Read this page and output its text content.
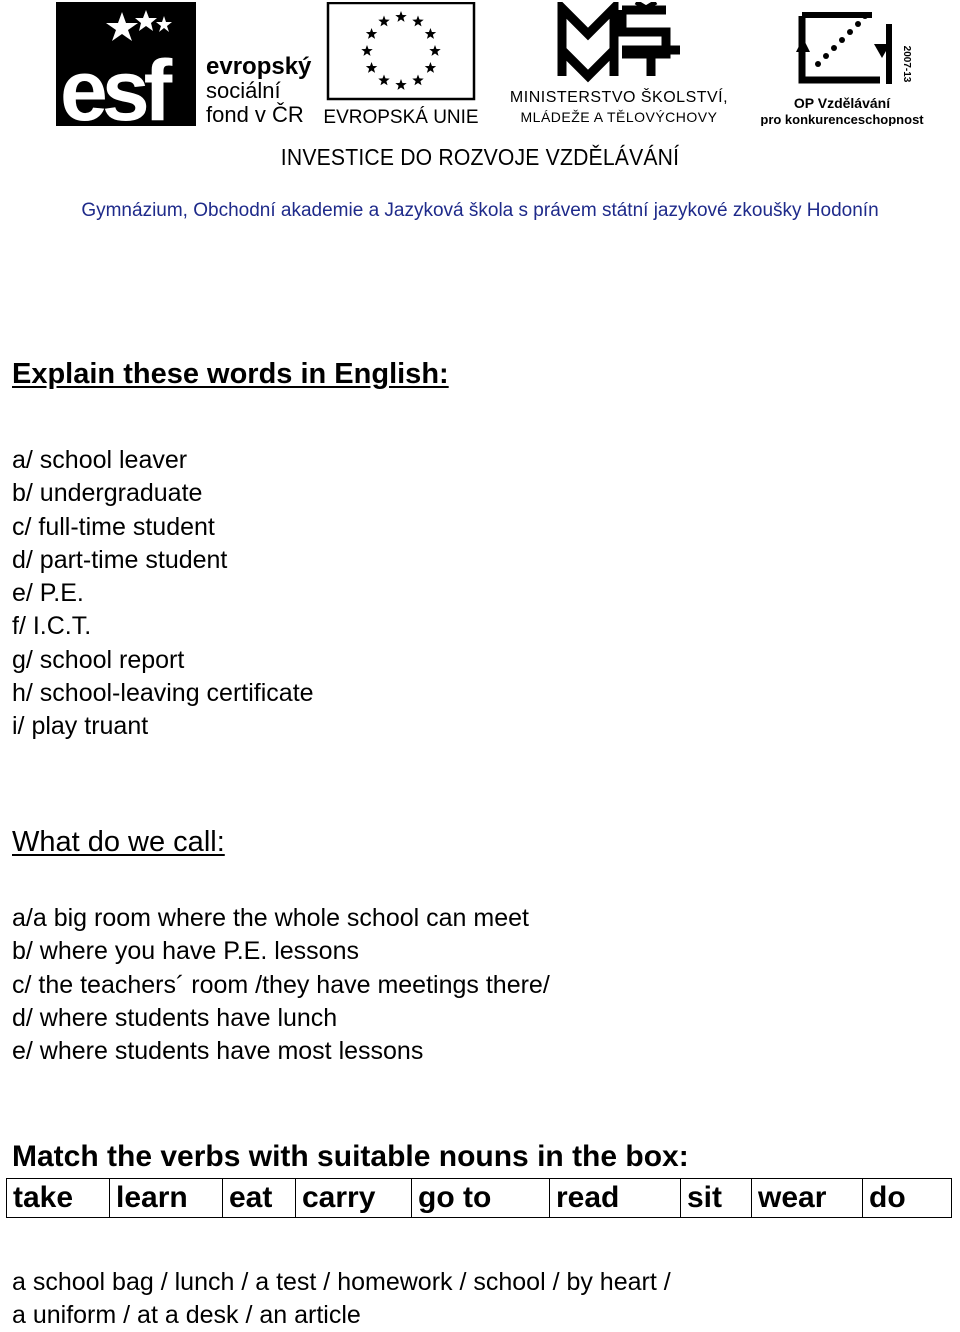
esf evropský
sociální
fond v ČR EVROPSKÁ UNIE
MINISTERSTVO ŠKOLSTVÍ,
MLÁDEŽE A TĚLOVÝCHOVY
2007-13
OP Vzdělávání
pro konkurenceschopnost
INVESTICE DO ROZVOJE VZDĚLÁVÁNÍ
Gymnázium, Obchodní akademie a Jazyková škola s právem státní jazykové zkoušky Hodonín
Explain these words in English:
a/ school leaver
b/ undergraduate
c/ full-time student
d/ part-time student
e/ P.E.
f/ I.C.T.
g/ school report
h/ school-leaving certificate
i/ play truant
What do we call:
a/a big room where the whole school can meet
b/ where you have P.E. lessons
c/ the teachers´ room /they have meetings there/
d/ where students have lunch
e/ where students have most lessons
Match the verbs with suitable nouns in the box:
take	learn	eat	carry	go to	read	sit	wear	do
a school bag / lunch / a test / homework / school / by heart /
a uniform / at a desk / an article
